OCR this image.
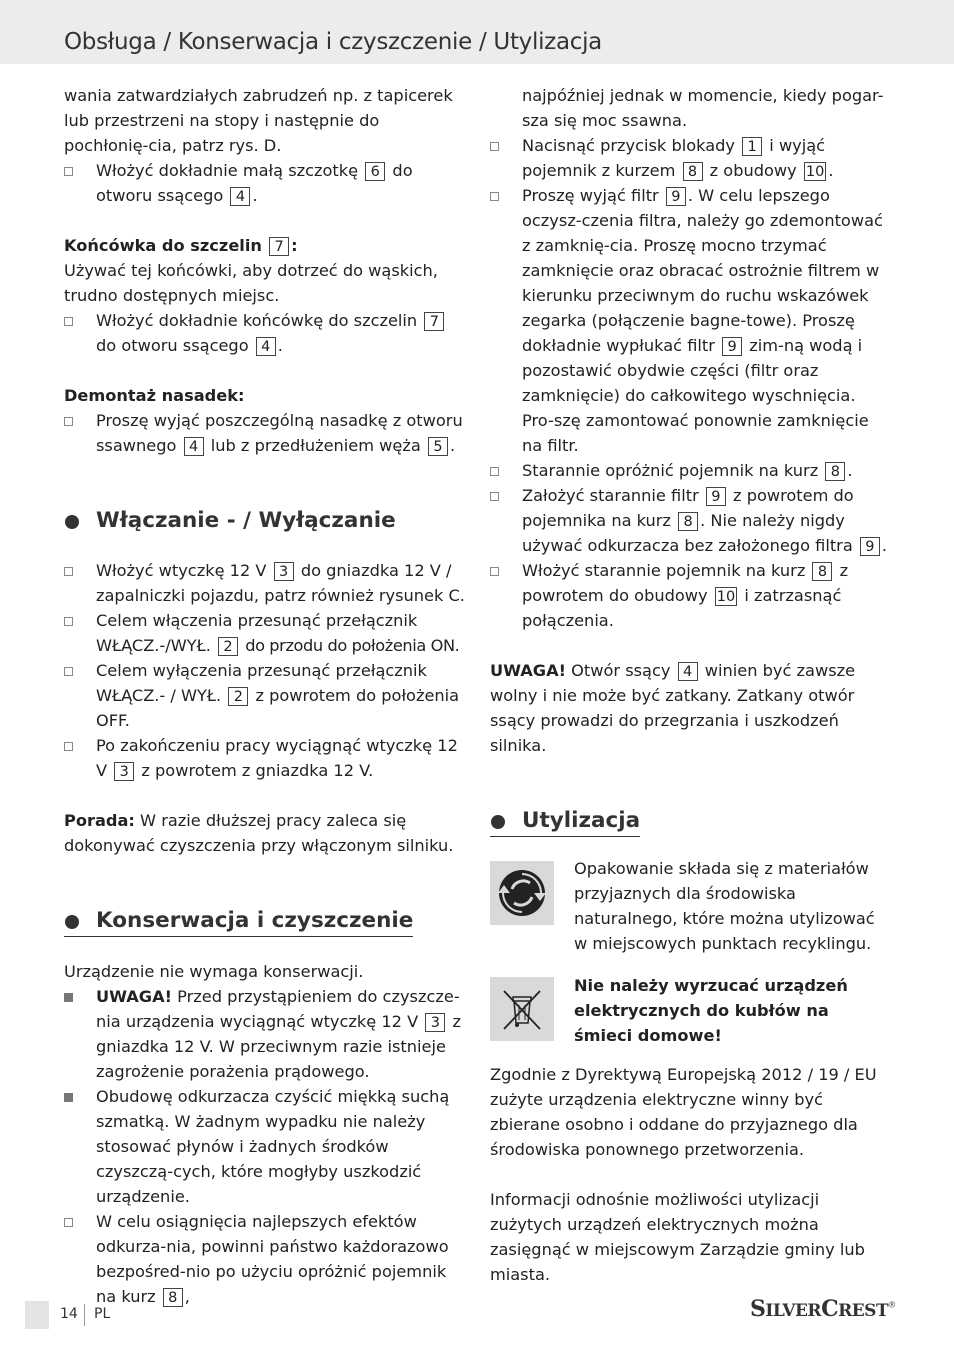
Obsługa / Konserwacja i czyszczenie / Utylizacja

wania zatwardziałych zabrudzeń np. z tapicerek lub przestrzeni na stopy i następnie do pochłonię-cia, patrz rys. D.

Włożyć dokładnie małą szczotkę 6 do otworu ssącego 4 .

Końcówka do szczelin 7 :

Używać tej końcówki, aby dotrzeć do wąskich, trudno dostępnych miejsc.

Włożyć dokładnie końcówkę do szczelin 7 do otworu ssącego 4 .

Demontaż nasadek:

Proszę wyjąć poszczególną nasadkę z otworu ssawnego 4 lub z przedłużeniem węża 5 .
Włączanie - / Wyłączanie
Włożyć wtyczkę 12 V 3 do gniazdka 12 V / zapalniczki pojazdu, patrz również rysunek C.
Celem włączenia przesunąć przełącznik WŁĄCZ.-/WYŁ. 2 do przodu do położenia ON.
Celem wyłączenia przesunąć przełącznik WŁĄCZ.- / WYŁ. 2 z powrotem do położenia OFF.
Po zakończeniu pracy wyciągnąć wtyczkę 12 V 3 z powrotem z gniazdka 12 V.

Porada: W razie dłuższej pracy zaleca się dokonywać czyszczenia przy włączonym silniku.

Konserwacja i czyszczenie

Urządzenie nie wymaga konserwacji.

UWAGA! Przed przystąpieniem do czyszcze-nia urządzenia wyciągnąć wtyczkę 12 V 3 z gniazdka 12 V. W przeciwnym razie istnieje zagrożenie porażenia prądowego.
Obudowę odkurzacza czyścić miękką suchą szmatką. W żadnym wypadku nie należy stosować płynów i żadnych środków czyszczą-cych, które mogłyby uszkodzić urządzenie.
W celu osiągnięcia najlepszych efektów odkurza-nia, powinni państwo każdorazowo bezpośred-nio po użyciu opróżnić pojemnik na kurz 8 ,

najpóźniej jednak w momencie, kiedy pogar-sza się moc ssawna.

Nacisnąć przycisk blokady 1 i wyjąć pojemnik z kurzem 8 z obudowy 10 .
Proszę wyjąć filtr 9 . W celu lepszego oczysz-czenia filtra, należy go zdemontować z zamknię-cia. Proszę mocno trzymać zamknięcie oraz obracać ostrożnie filtrem w kierunku przeciwnym do ruchu wskazówek zegarka (połączenie bagne-towe). Proszę dokładnie wypłukać filtr 9 zim-ną wodą i pozostawić obydwie części (filtr oraz zamknięcie) do całkowitego wyschnięcia. Pro-szę zamontować ponownie zamknięcie na filtr.
Starannie opróżnić pojemnik na kurz 8 .
Założyć starannie filtr 9 z powrotem do pojemnika na kurz 8 . Nie należy nigdy używać odkurzacza bez założonego filtra 9 .
Włożyć starannie pojemnik na kurz 8 z powrotem do obudowy 10 i zatrzasnąć połączenia.

UWAGA! Otwór ssący 4 winien być zawsze wolny i nie może być zatkany. Zatkany otwór ssący prowadzi do przegrzania i uszkodzeń silnika.

Utylizacja

Opakowanie składa się z materiałów przyjaznych dla środowiska naturalnego, które można utylizować w miejscowych punktach recyklingu.

Nie należy wyrzucać urządzeń elektrycznych do kubłów na śmieci domowe!

Zgodnie z Dyrektywą Europejską 2012 / 19 / EU zużyte urządzenia elektryczne winny być zbierane osobno i oddane do przyjaznego dla środowiska ponownego przetworzenia.

Informacji odnośnie możliwości utylizacji zużytych urządzeń elektrycznych można zasięgnąć w miejscowym Zarządzie gminy lub miasta.

14 PL	SILVERCREST®
